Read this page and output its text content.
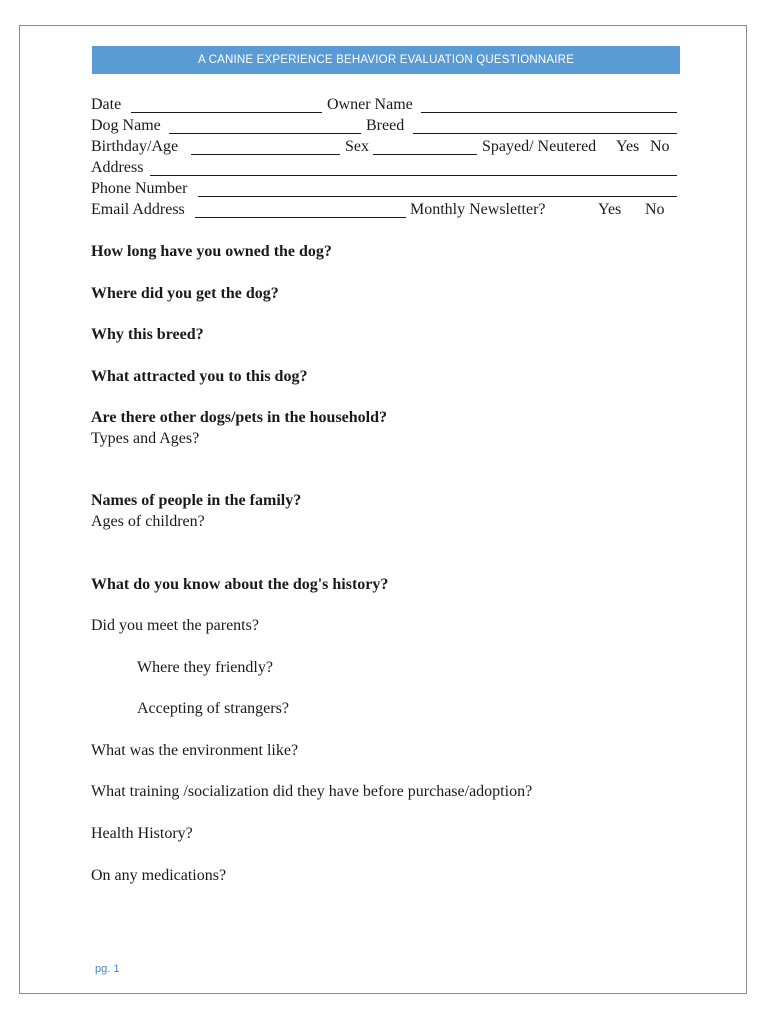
A CANINE EXPERIENCE BEHAVIOR EVALUATION QUESTIONNAIRE
Date	Owner Name
Dog Name	Breed
Birthday/Age	Sex	Spayed/ Neutered Yes No
Address
Phone Number
Email Address	Monthly Newsletter?	Yes No
How long have you owned the dog?
Where did you get the dog?
Why this breed?
What attracted you to this dog?
Are there other dogs/pets in the household?
Types and Ages?
Names of people in the family?
Ages of children?
What do you know about the dog's history?
Did you meet the parents?
Where they friendly?
Accepting of strangers?
What was the environment like?
What training /socialization did they have before purchase/adoption?
Health History?
On any medications?
pg. 1
